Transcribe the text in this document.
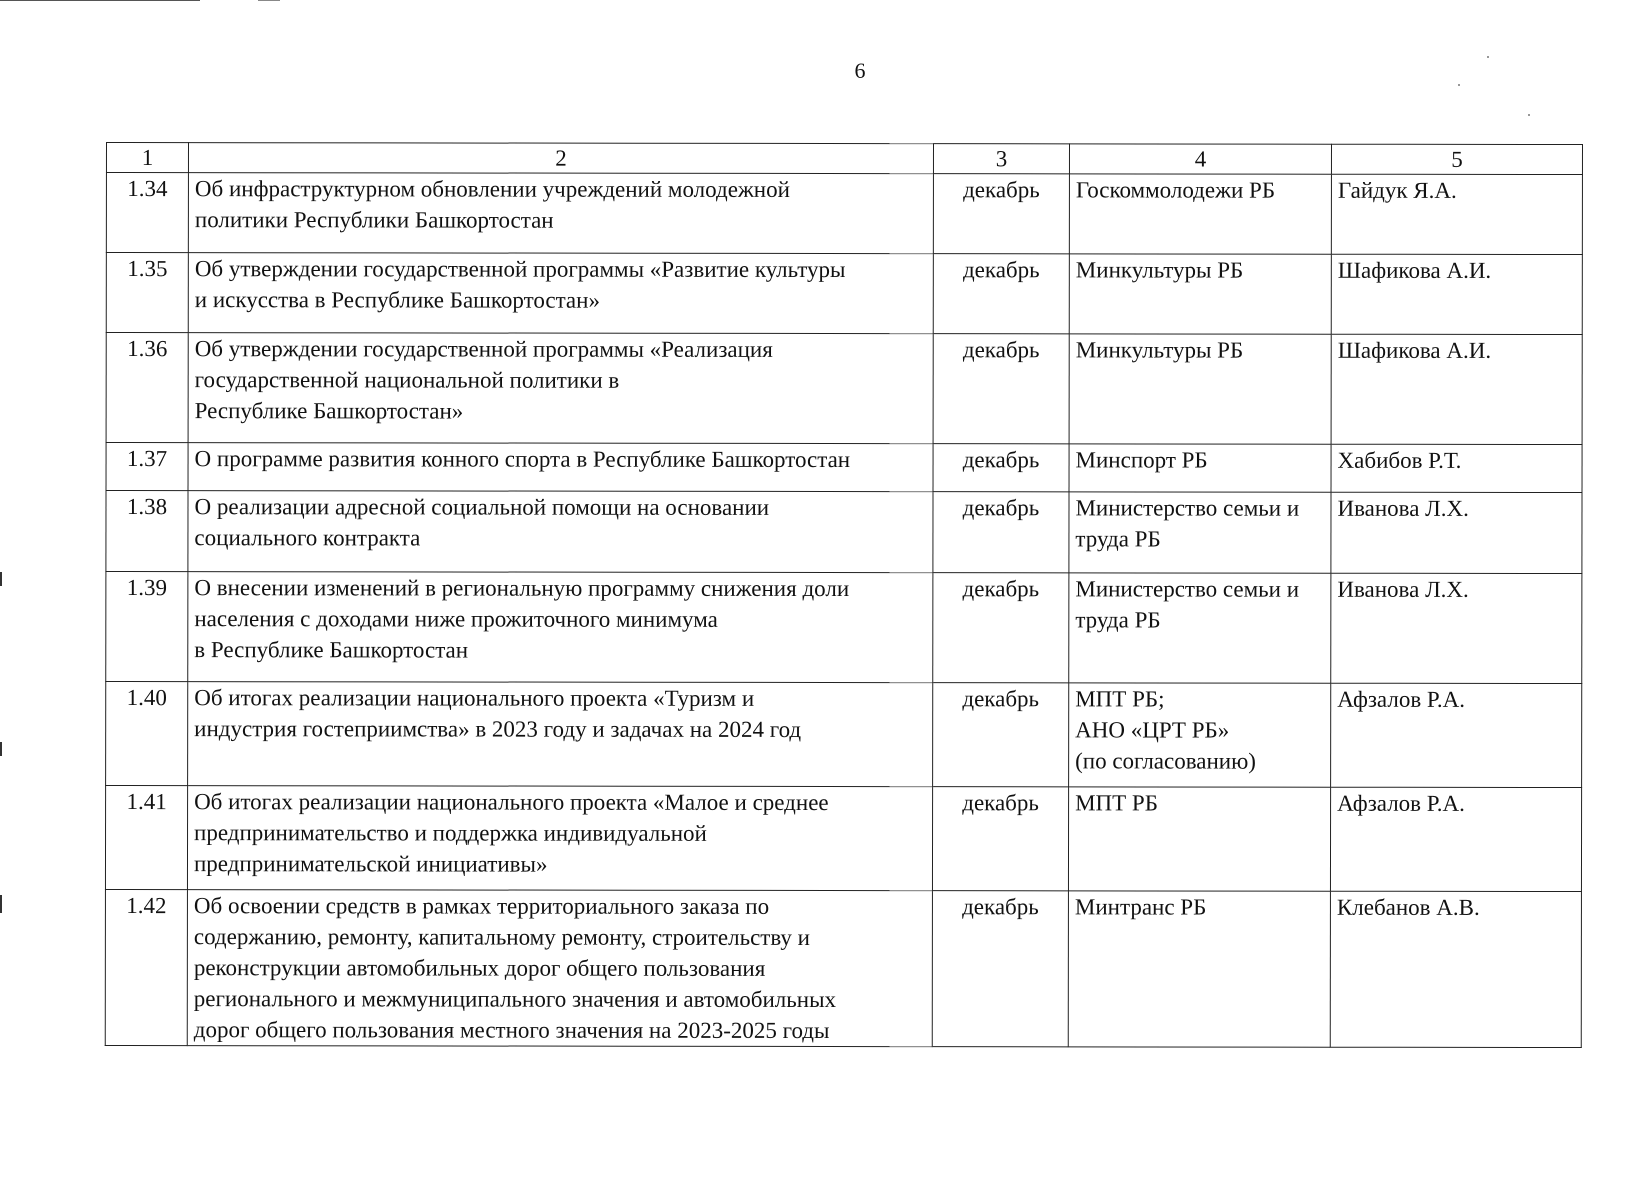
6
1	2	3	4	5
1.34	Об инфраструктурном обновлении учреждений молодежной
политики Республики Башкортостан	декабрь	Госкоммолодежи РБ	Гайдук Я.А.
1.35	Об утверждении государственной программы «Развитие культуры
и искусства в Республике Башкортостан»	декабрь	Минкультуры РБ	Шафикова А.И.
1.36	Об утверждении государственной программы «Реализация
государственной национальной политики в
Республике Башкортостан»	декабрь	Минкультуры РБ	Шафикова А.И.
1.37	О программе развития конного спорта в Республике Башкортостан	декабрь	Минспорт РБ	Хабибов Р.Т.
1.38	О реализации адресной социальной помощи на основании
социального контракта	декабрь	Министерство семьи и
труда РБ	Иванова Л.Х.
1.39	О внесении изменений в региональную программу снижения доли
населения с доходами ниже прожиточного минимума
в Республике Башкортостан	декабрь	Министерство семьи и
труда РБ	Иванова Л.Х.
1.40	Об итогах реализации национального проекта «Туризм и
индустрия гостеприимства» в 2023 году и задачах на 2024 год	декабрь	МПТ РБ;
АНО «ЦРТ РБ»
(по согласованию)	Афзалов Р.А.
1.41	Об итогах реализации национального проекта «Малое и среднее
предпринимательство и поддержка индивидуальной
предпринимательской инициативы»	декабрь	МПТ РБ	Афзалов Р.А.
1.42	Об освоении средств в рамках территориального заказа по
содержанию, ремонту, капитальному ремонту, строительству и
реконструкции автомобильных дорог общего пользования
регионального и межмуниципального значения и автомобильных
дорог общего пользования местного значения на 2023-2025 годы	декабрь	Минтранс РБ	Клебанов А.В.
